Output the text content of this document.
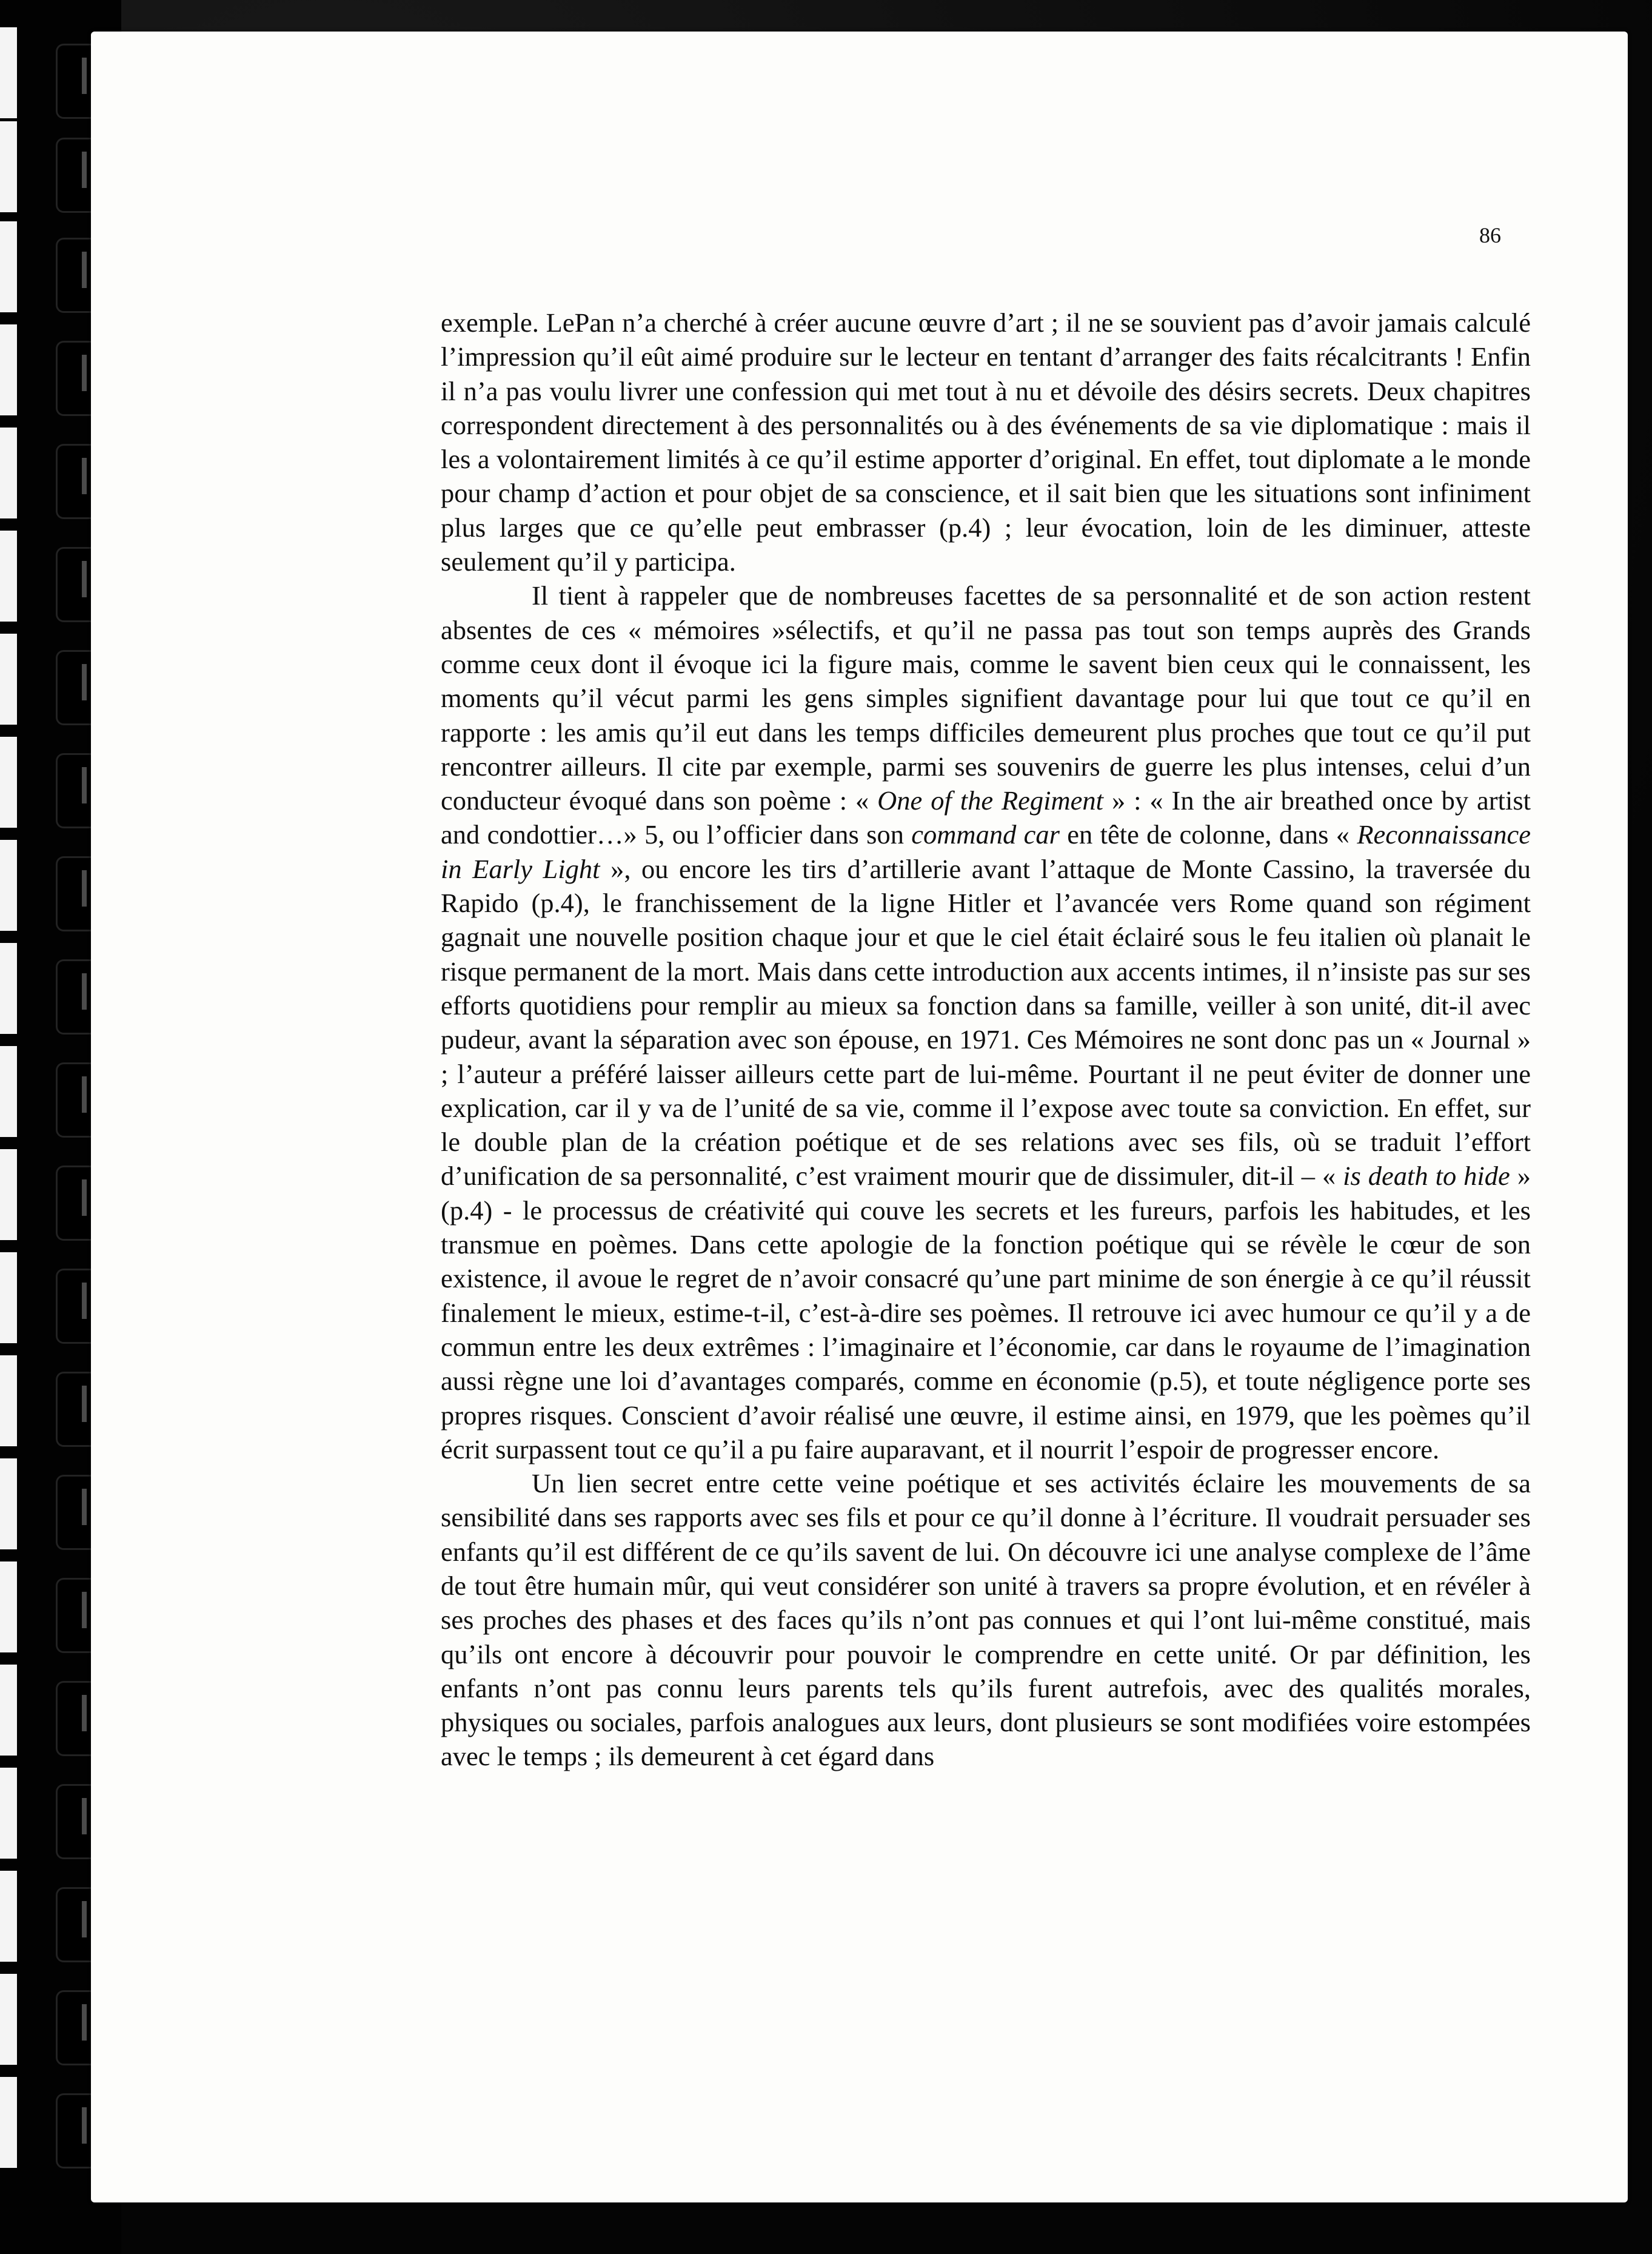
86

exemple. LePan n’a cherché à créer aucune œuvre d’art ; il ne se souvient pas d’avoir jamais calculé l’impression qu’il eût aimé produire sur le lecteur en tentant d’arranger des faits récalcitrants ! Enfin il n’a pas voulu livrer une confession qui met tout à nu et dévoile des désirs secrets. Deux chapitres correspondent directement à des personnalités ou à des événements de sa vie diplomatique : mais il les a volontairement limités à ce qu’il estime apporter d’original. En effet, tout diplomate a le monde pour champ d’action et pour objet de sa conscience, et il sait bien que les situations sont infiniment plus larges que ce qu’elle peut embrasser (p.4) ; leur évocation, loin de les diminuer, atteste seulement qu’il y participa.

Il tient à rappeler que de nombreuses facettes de sa personnalité et de son action restent absentes de ces « mémoires »sélectifs, et qu’il ne passa pas tout son temps auprès des Grands comme ceux dont il évoque ici la figure mais, comme le savent bien ceux qui le connaissent, les moments qu’il vécut parmi les gens simples signifient davantage pour lui que tout ce qu’il en rapporte : les amis qu’il eut dans les temps difficiles demeurent plus proches que tout ce qu’il put rencontrer ailleurs. Il cite par exemple, parmi ses souvenirs de guerre les plus intenses, celui d’un conducteur évoqué dans son poème : « One of the Regiment » : « In the air breathed once by artist and condottier…» 5, ou l’officier dans son command car en tête de colonne, dans « Reconnaissance in Early Light », ou encore les tirs d’artillerie avant l’attaque de Monte Cassino, la traversée du Rapido (p.4), le franchissement de la ligne Hitler et l’avancée vers Rome quand son régiment gagnait une nouvelle position chaque jour et que le ciel était éclairé sous le feu italien où planait le risque permanent de la mort. Mais dans cette introduction aux accents intimes, il n’insiste pas sur ses efforts quotidiens pour remplir au mieux sa fonction dans sa famille, veiller à son unité, dit-il avec pudeur, avant la séparation avec son épouse, en 1971. Ces Mémoires ne sont donc pas un « Journal » ; l’auteur a préféré laisser ailleurs cette part de lui-même. Pourtant il ne peut éviter de donner une explication, car il y va de l’unité de sa vie, comme il l’expose avec toute sa conviction. En effet, sur le double plan de la création poétique et de ses relations avec ses fils, où se traduit l’effort d’unification de sa personnalité, c’est vraiment mourir que de dissimuler, dit-il – « is death to hide » (p.4) - le processus de créativité qui couve les secrets et les fureurs, parfois les habitudes, et les transmue en poèmes. Dans cette apologie de la fonction poétique qui se révèle le cœur de son existence, il avoue le regret de n’avoir consacré qu’une part minime de son énergie à ce qu’il réussit finalement le mieux, estime-t-il, c’est-à-dire ses poèmes. Il retrouve ici avec humour ce qu’il y a de commun entre les deux extrêmes : l’imaginaire et l’économie, car dans le royaume de l’imagination aussi règne une loi d’avantages comparés, comme en économie (p.5), et toute négligence porte ses propres risques. Conscient d’avoir réalisé une œuvre, il estime ainsi, en 1979, que les poèmes qu’il écrit surpassent tout ce qu’il a pu faire auparavant, et il nourrit l’espoir de progresser encore.

Un lien secret entre cette veine poétique et ses activités éclaire les mouvements de sa sensibilité dans ses rapports avec ses fils et pour ce qu’il donne à l’écriture. Il voudrait persuader ses enfants qu’il est différent de ce qu’ils savent de lui. On découvre ici une analyse complexe de l’âme de tout être humain mûr, qui veut considérer son unité à travers sa propre évolution, et en révéler à ses proches des phases et des faces qu’ils n’ont pas connues et qui l’ont lui-même constitué, mais qu’ils ont encore à découvrir pour pouvoir le comprendre en cette unité. Or par définition, les enfants n’ont pas connu leurs parents tels qu’ils furent autrefois, avec des qualités morales, physiques ou sociales, parfois analogues aux leurs, dont plusieurs se sont modifiées voire estompées avec le temps ; ils demeurent à cet égard dans
